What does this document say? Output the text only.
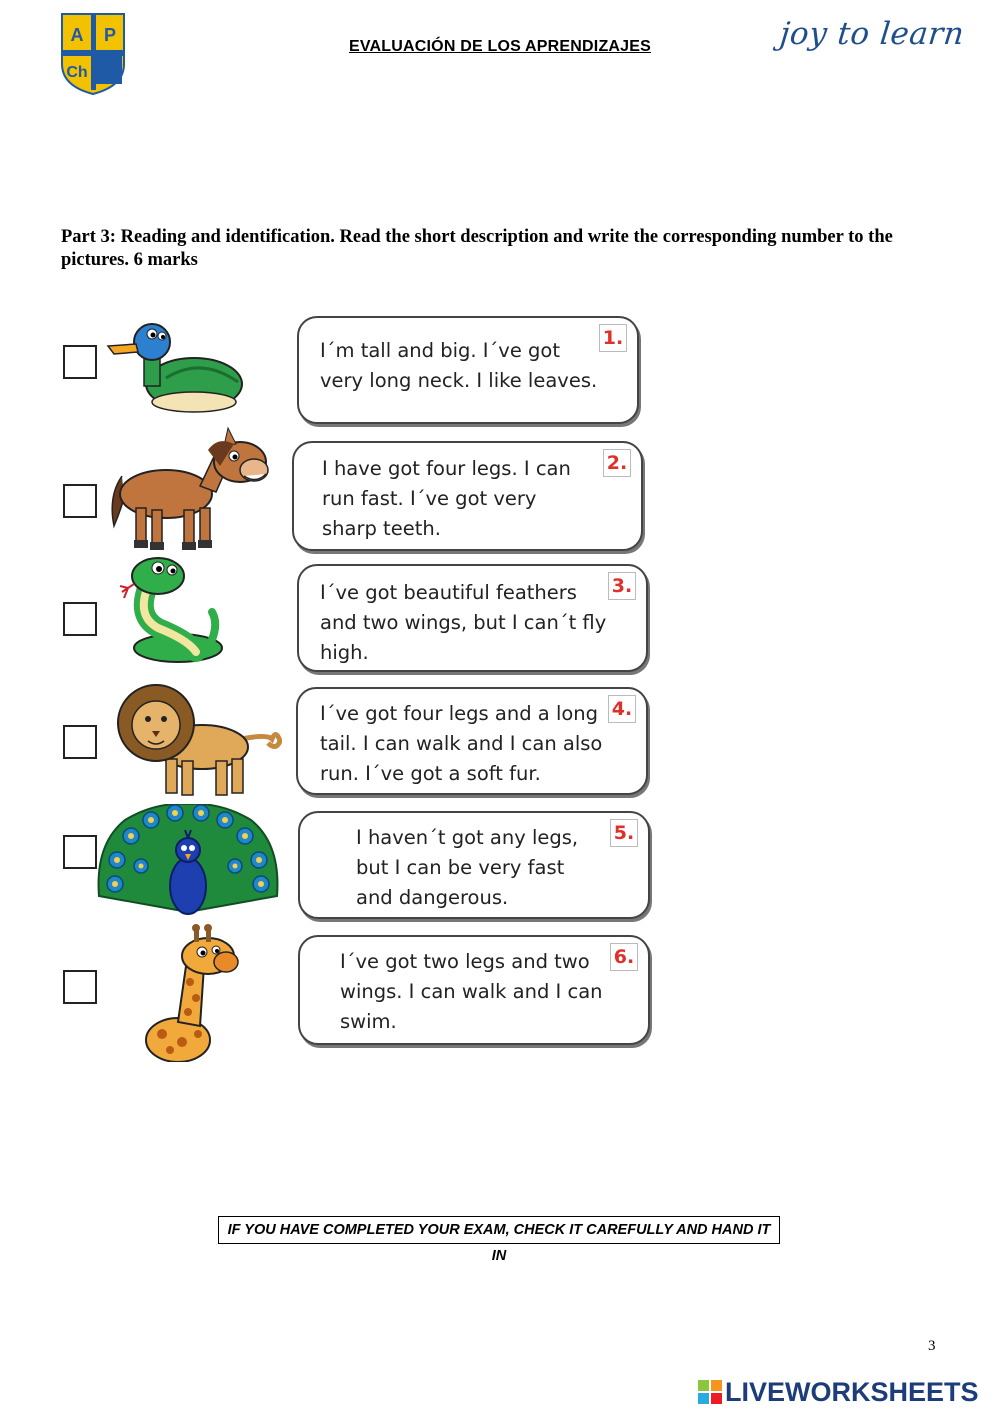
A P
Ch
EVALUACIÓN DE LOS APRENDIZAJES	joy to learn
Part 3: Reading and identification. Read the short description and write the corresponding number to the pictures. 6 marks
I´m tall and big. I´ve got
very long neck. I like leaves.
1.
I have got four legs. I can
run fast. I´ve got very
sharp teeth.
2.
I´ve got beautiful feathers
and two wings, but I can´t fly
high.
3.
I´ve got four legs and a long
tail. I can walk and I can also
run. I´ve got a soft fur.
4.
I haven´t got any legs,
but I can be very fast
and dangerous.
5.
I´ve got two legs and two
wings. I can walk and I can
swim.
6.
IF YOU HAVE COMPLETED YOUR EXAM, CHECK IT CAREFULLY AND HAND IT IN
3
LIVEWORKSHEETS
